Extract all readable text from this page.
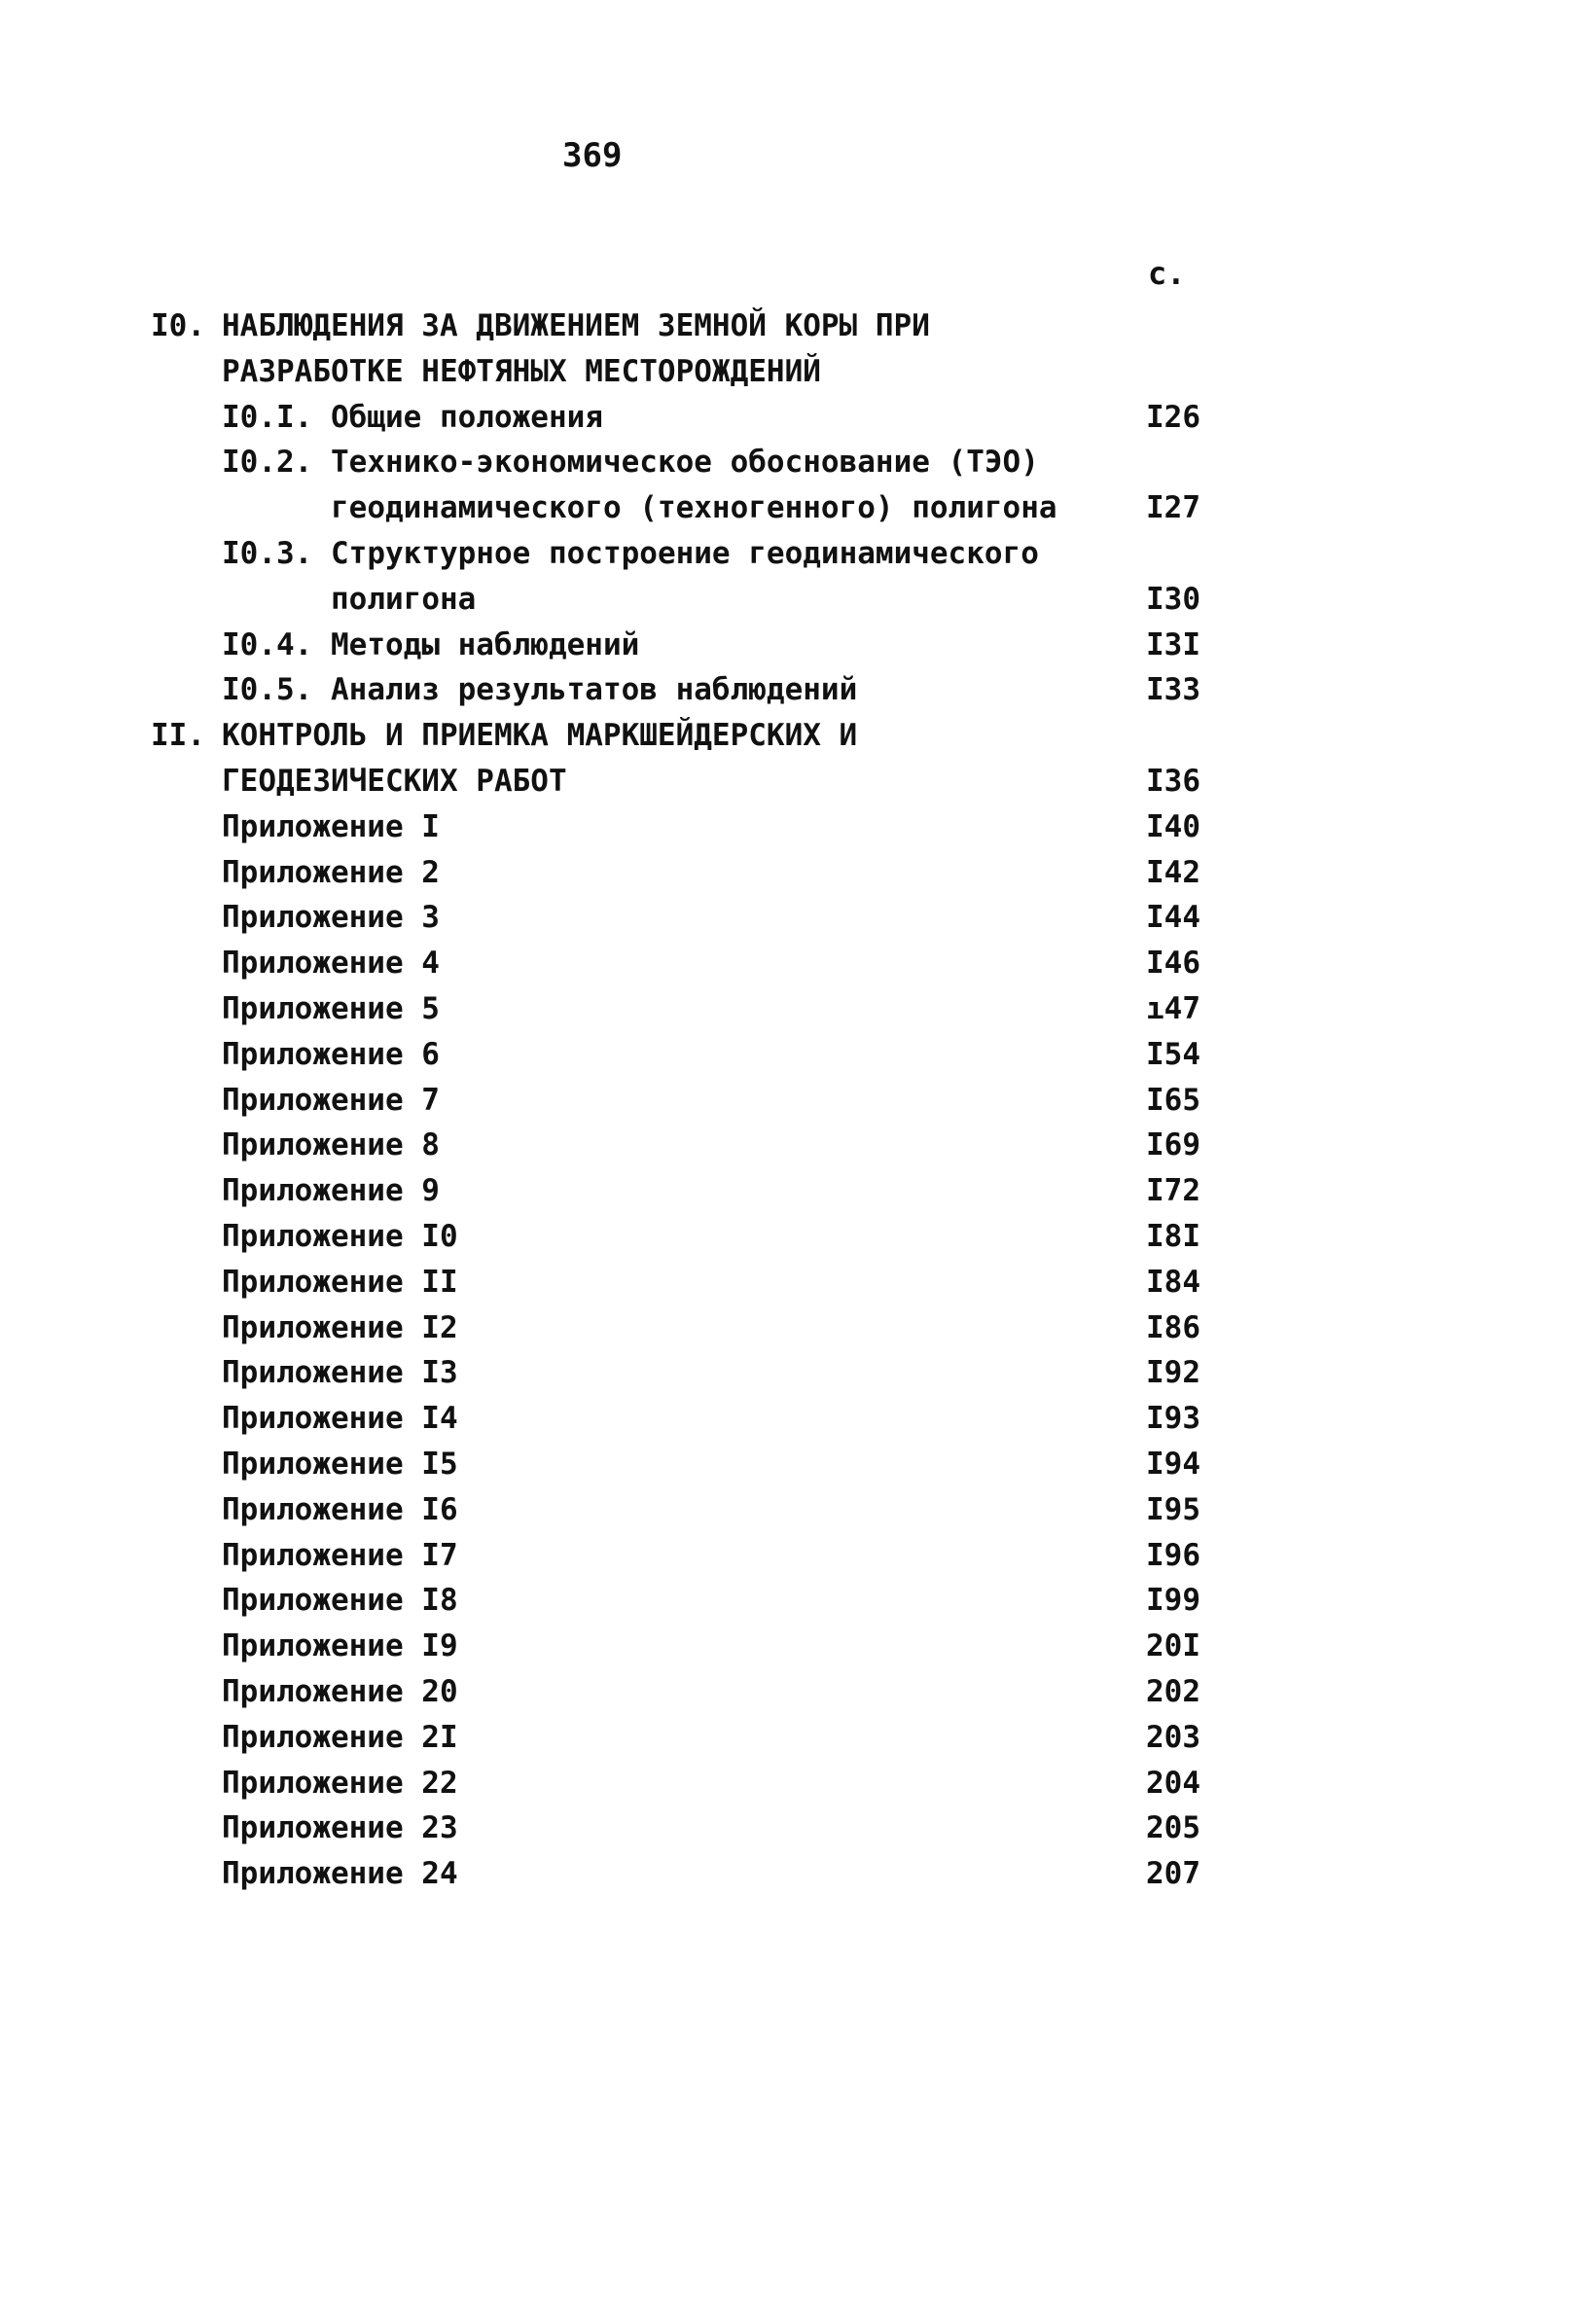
369
с.
I0. НАБЛЮДЕНИЯ ЗА ДВИЖЕНИЕМ ЗЕМНОЙ КОРЫ ПРИ
РАЗРАБОТКЕ НЕФТЯНЫХ МЕСТОРОЖДЕНИЙ
I0.I. Общие положения	I26
I0.2. Технико-экономическое обоснование (ТЭО)
геодинамического (техногенного) полигона	I27
I0.3. Структурное построение геодинамического
полигона	I30
I0.4. Методы наблюдений	I3I
I0.5. Анализ результатов наблюдений	I33
II. КОНТРОЛЬ И ПРИЕМКА МАРКШЕЙДЕРСКИХ И
ГЕОДЕЗИЧЕСКИХ РАБОТ	I36
Приложение I	I40
Приложение 2	I42
Приложение 3	I44
Приложение 4	I46
Приложение 5	ı47
Приложение 6	I54
Приложение 7	I65
Приложение 8	I69
Приложение 9	I72
Приложение I0	I8I
Приложение II	I84
Приложение I2	I86
Приложение I3	I92
Приложение I4	I93
Приложение I5	I94
Приложение I6	I95
Приложение I7	I96
Приложение I8	I99
Приложение I9	20I
Приложение 20	202
Приложение 2I	203
Приложение 22	204
Приложение 23	205
Приложение 24	207
